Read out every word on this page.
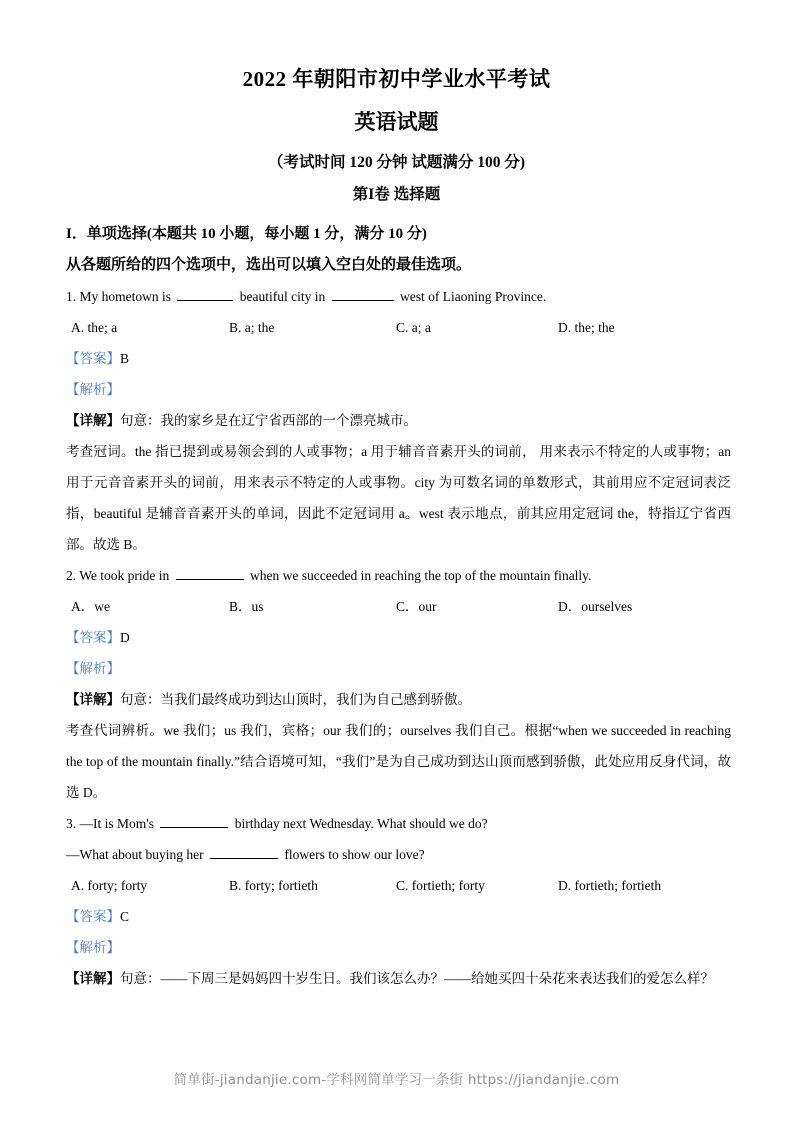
2022 年朝阳市初中学业水平考试
英语试题
（考试时间 120 分钟 试题满分 100 分)
第I卷 选择题
I．单项选择(本题共 10 小题，每小题 1 分，满分 10 分)
从各题所给的四个选项中，选出可以填入空白处的最佳选项。
1. My hometown is	beautiful city in	west of Liaoning Province.
A. the; a	B. a; the	C. a; a	D. the; the
【答案】B
【解析】
【详解】句意：我的家乡是在辽宁省西部的一个漂亮城市。
考查冠词。the 指已提到或易领会到的人或事物；a 用于辅音音素开头的词前， 用来表示不特定的人或事物；an 用于元音音素开头的词前，用来表示不特定的人或事物。city 为可数名词的单数形式，其前用应不定冠词表泛指，beautiful 是辅音音素开头的单词，因此不定冠词用 a。west 表示地点，前其应用定冠词 the，特指辽宁省西部。故选 B。
2. We took pride in	when we succeeded in reaching the top of the mountain finally.
A．we	B．us	C．our	D．ourselves
【答案】D
【解析】
【详解】句意：当我们最终成功到达山顶时，我们为自己感到骄傲。
考查代词辨析。we 我们；us 我们，宾格；our 我们的；ourselves 我们自己。根据“when we succeeded in reaching the top of the mountain finally.”结合语境可知，“我们”是为自己成功到达山顶而感到骄傲，此处应用反身代词，故选 D。
3. —It is Mom's	birthday next Wednesday. What should we do?
—What about buying her	flowers to show our love?
A. forty; forty	B. forty; fortieth	C. fortieth; forty	D. fortieth; fortieth
【答案】C
【解析】
【详解】句意：——下周三是妈妈四十岁生日。我们该怎么办？——给她买四十朵花来表达我们的爱怎么样？
简单街-jiandanjie.com-学科网简单学习一条街 https://jiandanjie.com
